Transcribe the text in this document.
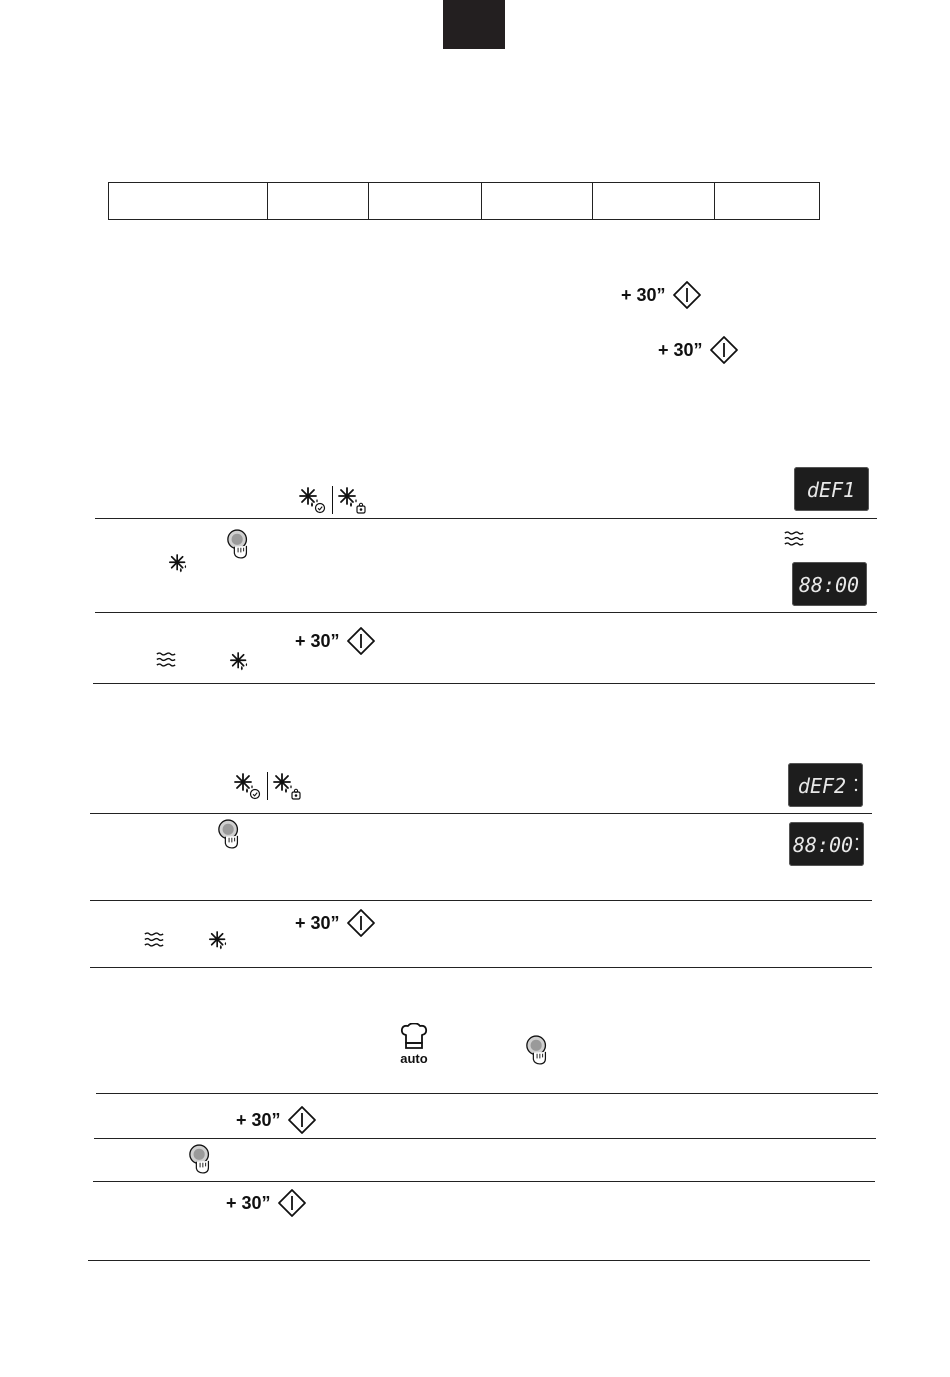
+ 30”
+ 30”
dEF1
88:00
+ 30”
dEF2
88:00
+ 30”
auto
+ 30”
+ 30”
